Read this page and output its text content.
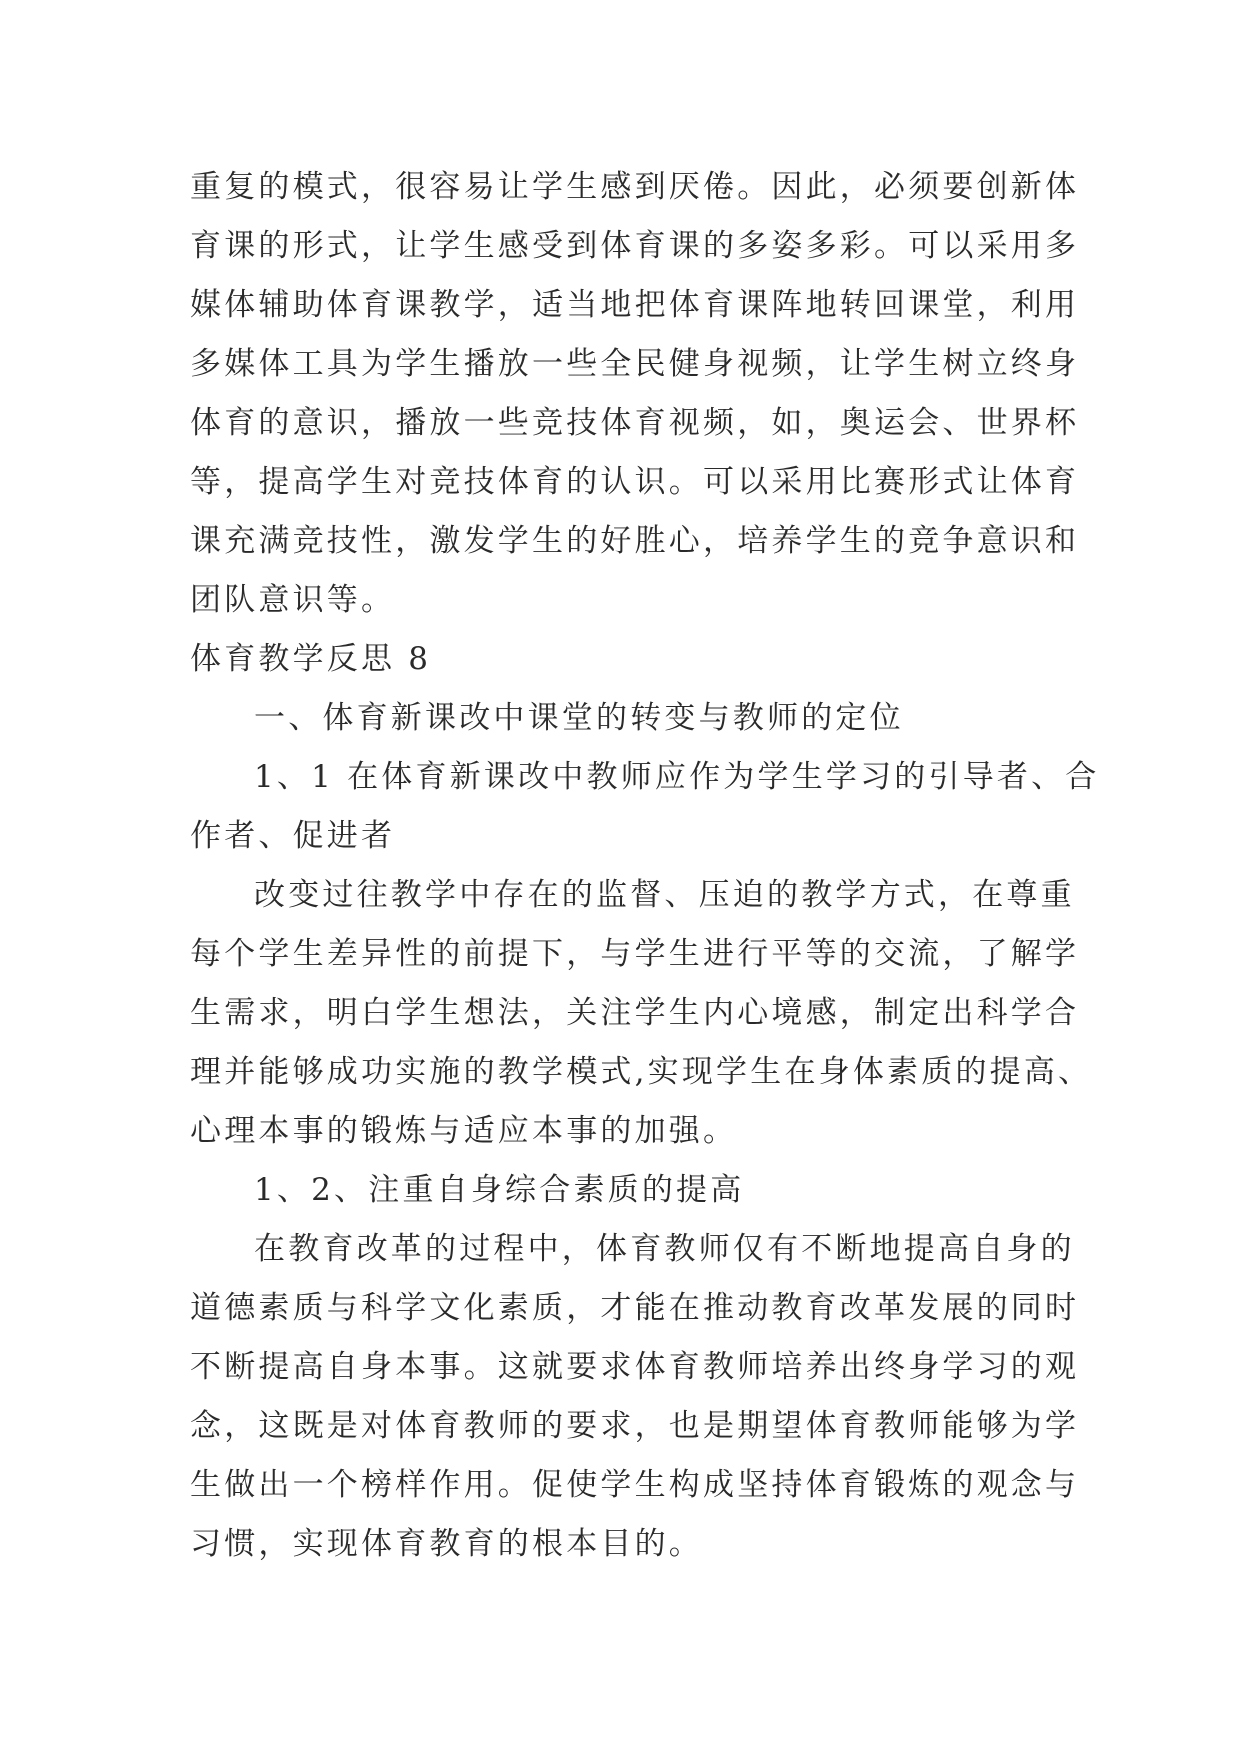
重复的模式，很容易让学生感到厌倦。因此，必须要创新体
育课的形式，让学生感受到体育课的多姿多彩。可以采用多
媒体辅助体育课教学，适当地把体育课阵地转回课堂，利用
多媒体工具为学生播放一些全民健身视频，让学生树立终身
体育的意识，播放一些竞技体育视频，如，奥运会、世界杯
等，提高学生对竞技体育的认识。可以采用比赛形式让体育
课充满竞技性，激发学生的好胜心，培养学生的竞争意识和
团队意识等。
体育教学反思 8
一、体育新课改中课堂的转变与教师的定位
1、1 在体育新课改中教师应作为学生学习的引导者、合
作者、促进者
改变过往教学中存在的监督、压迫的教学方式，在尊重
每个学生差异性的前提下，与学生进行平等的交流，了解学
生需求，明白学生想法，关注学生内心境感，制定出科学合
理并能够成功实施的教学模式,实现学生在身体素质的提高、
心理本事的锻炼与适应本事的加强。
1、2、注重自身综合素质的提高
在教育改革的过程中，体育教师仅有不断地提高自身的
道德素质与科学文化素质，才能在推动教育改革发展的同时
不断提高自身本事。这就要求体育教师培养出终身学习的观
念，这既是对体育教师的要求，也是期望体育教师能够为学
生做出一个榜样作用。促使学生构成坚持体育锻炼的观念与
习惯，实现体育教育的根本目的。
